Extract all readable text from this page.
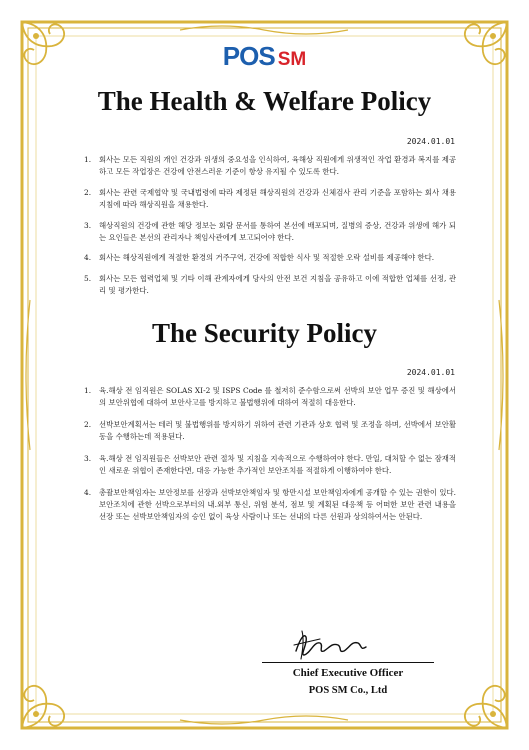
POS SM
The Health & Welfare Policy
2024.01.01
1. 회사는 모든 직원의 개인 건강과 위생의 중요성을 인식하여, 육해상 직원에게 위생적인 작업 환경과 복지를 제공하고 모든 작업장은 건강에 안전스러운 기준이 항상 유지될 수 있도록 한다.
2. 회사는 관련 국제협약 및 국내법령에 따라 제정된 해상직원의 건강과 신체검사 관리 기준을 포함하는 회사 채용지침에 따라 해상직원을 채용한다.
3. 해상직원의 건강에 관한 해당 정보는 회람 문서를 통하여 본선에 배포되며, 질병의 증상, 건강과 위생에 해가 되는 요인들은 본선의 관리자나 책임사관에게 보고되어야 한다.
4. 회사는 해상직원에게 적절한 환경의 거주구역, 건강에 적합한 식사 및 적절한 오락 설비를 제공해야 한다.
5. 회사는 모든 협력업체 및 기타 이해 관계자에게 당사의 안전 보건 지침을 공유하고 이에 적합한 업체를 선정, 관리 및 평가한다.
The Security Policy
2024.01.01
1. 육.해상 전 임직원은 SOLAS XI-2 및 ISPS Code 를 철저히 준수함으로써 선박의 보안 업무 증진 및 해상에서의 보안위협에 대하여 보안사고를 방지하고 불법행위에 대하여 적절히 대응한다.
2. 선박보안계획서는 테러 및 불법행위를 방지하기 위하여 관련 기관과 상호 협력 및 조정을 하며, 선박에서 보안활동을 수행하는데 적용된다.
3. 육.해상 전 임직원들은 선박보안 관련 절차 및 지침을 지속적으로 수행하여야 한다. 만일, 대처할 수 없는 잠재적인 새로운 위협이 존재한다면, 대응 가능한 추가적인 보안조치를 적절하게 이행하여야 한다.
4. 총괄보안책임자는 보안정보를 선장과 선박보안책임자 및 항만시설 보안책임자에게 공개할 수 있는 권한이 있다. 보안조치에 관한 선박으로부터의 내.외부 통신, 위험 분석, 점보 및 계획된 대응책 등 어떠한 보안 관련 내용을 선장 또는 선박보안책임자의 승인 없이 육상 사람이나 또는 선내의 다른 선원과 상의하여서는 안된다.
Chief Executive Officer
POS SM Co., Ltd
